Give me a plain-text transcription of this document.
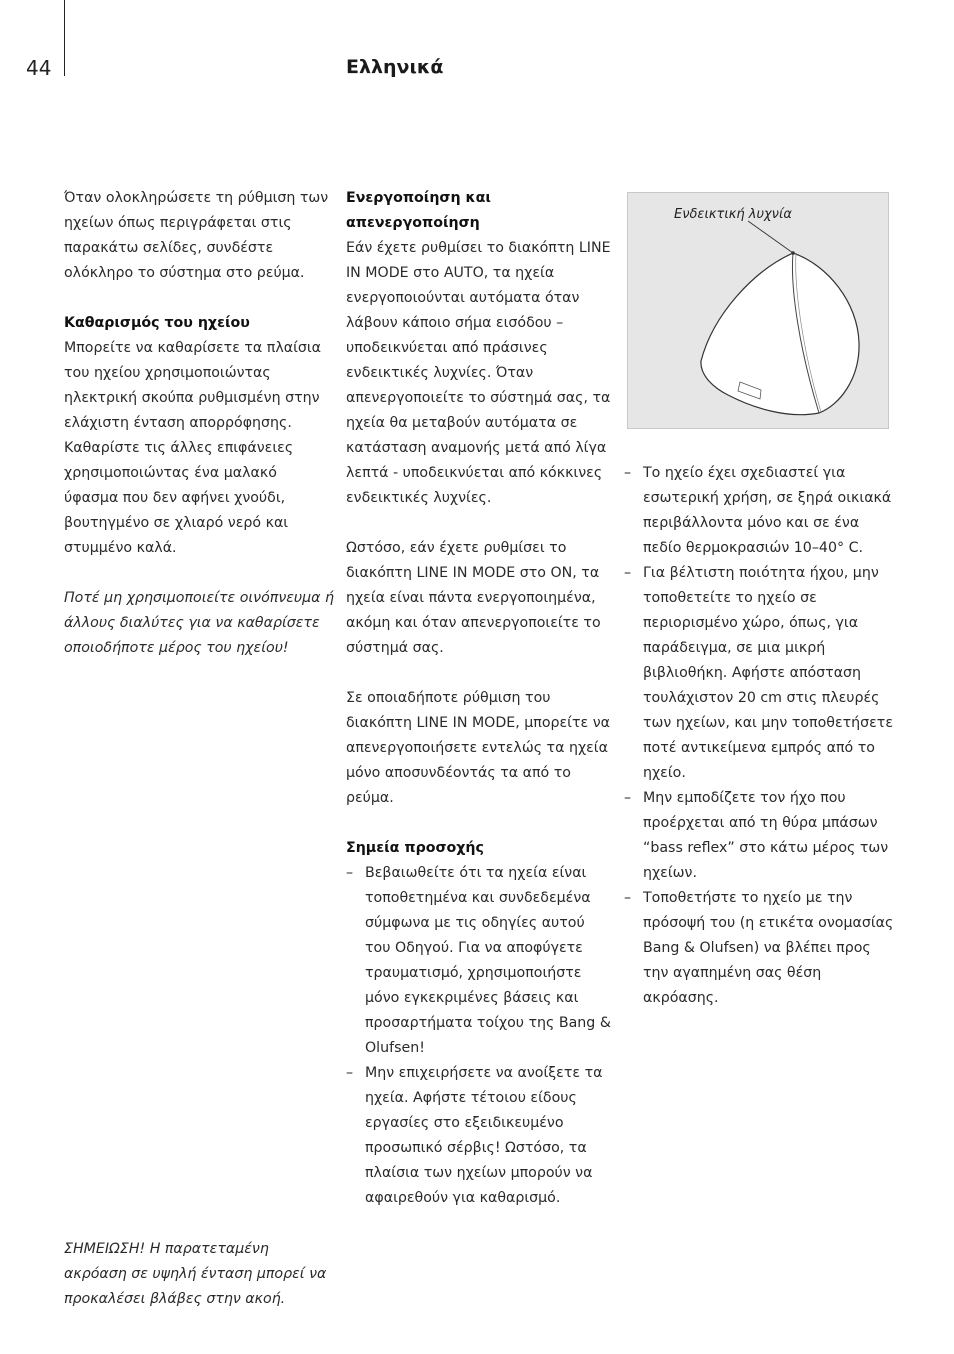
44	Ελληνικά

Όταν ολοκληρώσετε τη ρύθμιση των ηχείων όπως περιγράφεται στις παρακάτω σελίδες, συνδέστε ολόκληρο το σύστημα στο ρεύμα.

Καθαρισμός του ηχείου

Μπορείτε να καθαρίσετε τα πλαίσια του ηχείου χρησιμοποιώντας ηλεκτρική σκούπα ρυθμισμένη στην ελάχιστη ένταση απορρόφησης. Καθαρίστε τις άλλες επιφάνειες χρησιμοποιώντας ένα μαλακό ύφασμα που δεν αφήνει χνούδι, βουτηγμένο σε χλιαρό νερό και στυμμένο καλά.

Ποτέ μη χρησιμοποιείτε οινόπνευμα ή άλλους διαλύτες για να καθαρίσετε οποιοδήποτε μέρος του ηχείου!

Ενεργοποίηση και απενεργοποίηση

Εάν έχετε ρυθμίσει το διακόπτη LINE IN MODE στο AUTO, τα ηχεία ενεργοποιούνται αυτόματα όταν λάβουν κάποιο σήμα εισόδου – υποδεικνύεται από πράσινες ενδεικτικές λυχνίες. Όταν απενεργοποιείτε το σύστημά σας, τα ηχεία θα μεταβούν αυτόματα σε κατάσταση αναμονής μετά από λίγα λεπτά - υποδεικνύεται από κόκκινες ενδεικτικές λυχνίες.

Ωστόσο, εάν έχετε ρυθμίσει το διακόπτη LINE IN MODE στο ON, τα ηχεία είναι πάντα ενεργοποιημένα, ακόμη και όταν απενεργοποιείτε το σύστημά σας.

Σε οποιαδήποτε ρύθμιση του διακόπτη LINE IN MODE, μπορείτε να απενεργοποιήσετε εντελώς τα ηχεία μόνο αποσυνδέοντάς τα από το ρεύμα.

Σημεία προσοχής

– Βεβαιωθείτε ότι τα ηχεία είναι τοποθετημένα και συνδεδεμένα σύμφωνα με τις οδηγίες αυτού του Οδηγού. Για να αποφύγετε τραυματισμό, χρησιμοποιήστε μόνο εγκεκριμένες βάσεις και προσαρτήματα τοίχου της Bang & Olufsen!

– Μην επιχειρήσετε να ανοίξετε τα ηχεία. Αφήστε τέτοιου είδους εργασίες στο εξειδικευμένο προσωπικό σέρβις! Ωστόσο, τα πλαίσια των ηχείων μπορούν να αφαιρεθούν για καθαρισμό.

Ενδεικτική λυχνία
– Το ηχείο έχει σχεδιαστεί για εσωτερική χρήση, σε ξηρά οικιακά περιβάλλοντα μόνο και σε ένα πεδίο θερμοκρασιών 10–40° C.

– Για βέλτιστη ποιότητα ήχου, μην τοποθετείτε το ηχείο σε περιορισμένο χώρο, όπως, για παράδειγμα, σε μια μικρή βιβλιοθήκη. Αφήστε απόσταση τουλάχιστον 20 cm στις πλευρές των ηχείων, και μην τοποθετήσετε ποτέ αντικείμενα εμπρός από το ηχείο.

– Μην εμποδίζετε τον ήχο που προέρχεται από τη θύρα μπάσων “bass reflex” στο κάτω μέρος των ηχείων.

– Τοποθετήστε το ηχείο με την πρόσοψή του (η ετικέτα ονομασίας Bang & Olufsen) να βλέπει προς την αγαπημένη σας θέση ακρόασης.

ΣΗΜΕΙΩΣΗ! Η παρατεταμένη ακρόαση σε υψηλή ένταση μπορεί να προκαλέσει βλάβες στην ακοή.
